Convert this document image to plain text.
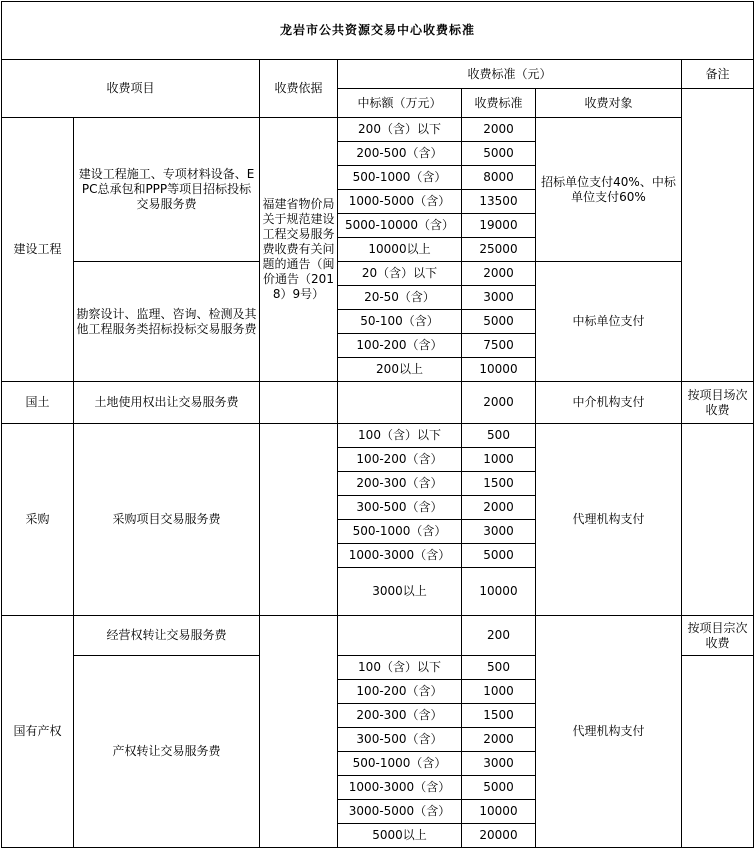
龙岩市公共资源交易中心收费标准						
收费项目		收费依据	收费标准（元）			备注
			中标额（万元）	收费标准	收费对象	
建设工程	建设工程施工、专项材料设备、EPC总承包和PPP等项目招标投标交易服务费	福建省物价局关于规范建设工程交易服务费收费有关问题的通告（闽价通告（2018）9号）	200（含）以下	2000	招标单位支付40%、中标单位支付60%	
			200-500（含）	5000		
			500-1000（含）	8000		
			1000-5000（含）	13500		
			5000-10000（含）	19000		
			10000以上	25000		
	勘察设计、监理、咨询、检测及其他工程服务类招标投标交易服务费		20（含）以下	2000	中标单位支付	
			20-50（含）	3000		
			50-100（含）	5000		
			100-200（含）	7500		
			200以上	10000		
国土	土地使用权出让交易服务费			2000	中介机构支付	按项目场次收费
采购	采购项目交易服务费		100（含）以下	500	代理机构支付	
			100-200（含）	1000		
			200-300（含）	1500		
			300-500（含）	2000		
			500-1000（含）	3000		
			1000-3000（含）	5000		
			3000以上	10000		
国有产权	经营权转让交易服务费			200	代理机构支付	按项目宗次收费
	产权转让交易服务费		100（含）以下	500		
			100-200（含）	1000		
			200-300（含）	1500		
			300-500（含）	2000		
			500-1000（含）	3000		
			1000-3000（含）	5000		
			3000-5000（含）	10000		
			5000以上	20000		
